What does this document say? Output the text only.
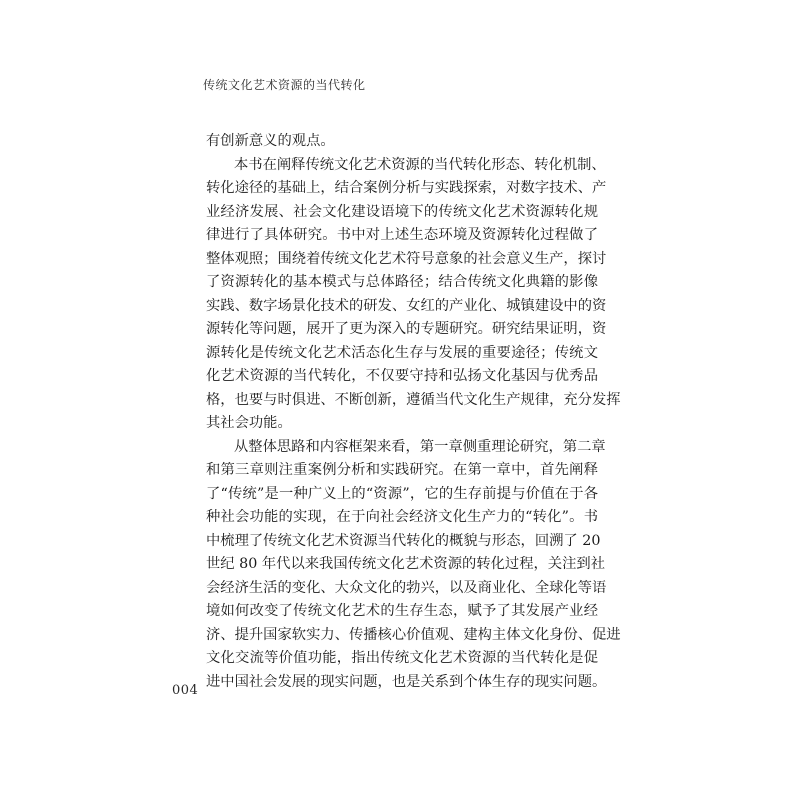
传统文化艺术资源的当代转化
有创新意义的观点。
本书在阐释传统文化艺术资源的当代转化形态、转化机制、
转化途径的基础上，结合案例分析与实践探索，对数字技术、产
业经济发展、社会文化建设语境下的传统文化艺术资源转化规
律进行了具体研究。书中对上述生态环境及资源转化过程做了
整体观照；围绕着传统文化艺术符号意象的社会意义生产，探讨
了资源转化的基本模式与总体路径；结合传统文化典籍的影像
实践、数字场景化技术的研发、女红的产业化、城镇建设中的资
源转化等问题，展开了更为深入的专题研究。研究结果证明，资
源转化是传统文化艺术活态化生存与发展的重要途径；传统文
化艺术资源的当代转化，不仅要守持和弘扬文化基因与优秀品
格，也要与时俱进、不断创新，遵循当代文化生产规律，充分发挥
其社会功能。
从整体思路和内容框架来看，第一章侧重理论研究，第二章
和第三章则注重案例分析和实践研究。在第一章中，首先阐释
了“传统”是一种广义上的“资源”，它的生存前提与价值在于各
种社会功能的实现，在于向社会经济文化生产力的“转化”。书
中梳理了传统文化艺术资源当代转化的概貌与形态，回溯了 20
世纪 80 年代以来我国传统文化艺术资源的转化过程，关注到社
会经济生活的变化、大众文化的勃兴，以及商业化、全球化等语
境如何改变了传统文化艺术的生存生态，赋予了其发展产业经
济、提升国家软实力、传播核心价值观、建构主体文化身份、促进
文化交流等价值功能，指出传统文化艺术资源的当代转化是促
进中国社会发展的现实问题，也是关系到个体生存的现实问题。
004
